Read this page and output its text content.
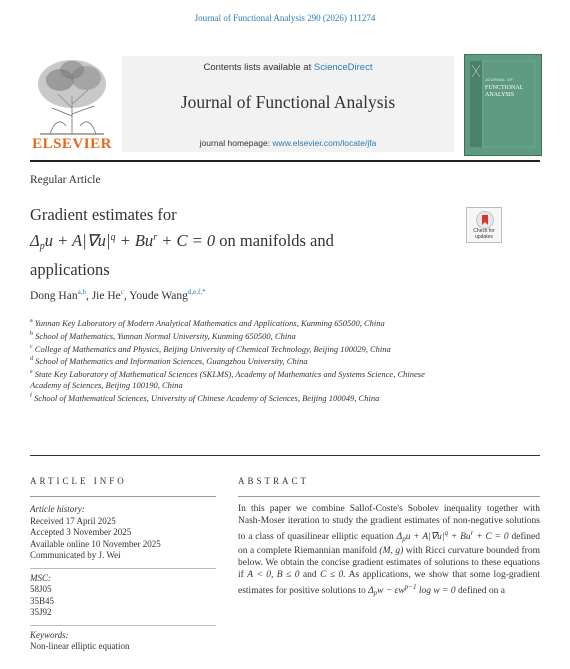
Journal of Functional Analysis 290 (2026) 111274
ELSEVIER
Contents lists available at ScienceDirect
Journal of Functional Analysis
journal homepage: www.elsevier.com/locate/jfa
JOURNAL OF
FUNCTIONAL ANALYSIS
Regular Article
Gradient estimates for
$\Delta pu + A|\nabla u|^q + Bu^r + C = 0$ on manifolds and
applications
Check for
updates
Dong Han$^{a,b}$, Jie He$^c$, Youde Wang$^{d,e,f,*}$

$^a$ Yunnan Key Laboratory of Modern Analytical Mathematics and Applications, Kunming 650500, China

$^b$ School of Mathematics, Yunnan Normal University, Kunming 650500, China

$^c$ College of Mathematics and Physics, Beijing University of Chemical Technology, Beijing 100029, China

$^d$ School of Mathematics and Information Sciences, Guangzhou University, China

$^e$ State Key Laboratory of Mathematical Sciences (SKLMS), Academy of Mathematics and Systems Science, Chinese Academy of Sciences, Beijing 100190, China

$^f$ School of Mathematical Sciences, University of Chinese Academy of Sciences, Beijing 100049, China

ARTICLE INFO	ABSTRACT
Article history:
Received 17 April 2025
Accepted 3 November 2025
Available online 10 November 2025
Communicated by J. Wei
MSC:
58J05
35B45
35J92
Keywords:
Non-linear elliptic equation
In this paper we combine Sallof-Coste's Sobolev inequality together with Nash-Moser iteration to study the gradient estimates of non-negative solutions to a class of quasilinear elliptic equation $\Delta_pu + A|\nabla u|^q + Bu^r + C = 0$ defined on a complete Riemannian manifold (M, g) with Ricci curvature bounded from below. We obtain the concise gradient estimates of solutions to these equations if A < 0, B ≤ 0 and C ≤ 0. As applications, we show that some log-gradient estimates for positive solutions to $\Delta_pw - \varepsilon w^{p-1}$ log w = 0 defined on a
